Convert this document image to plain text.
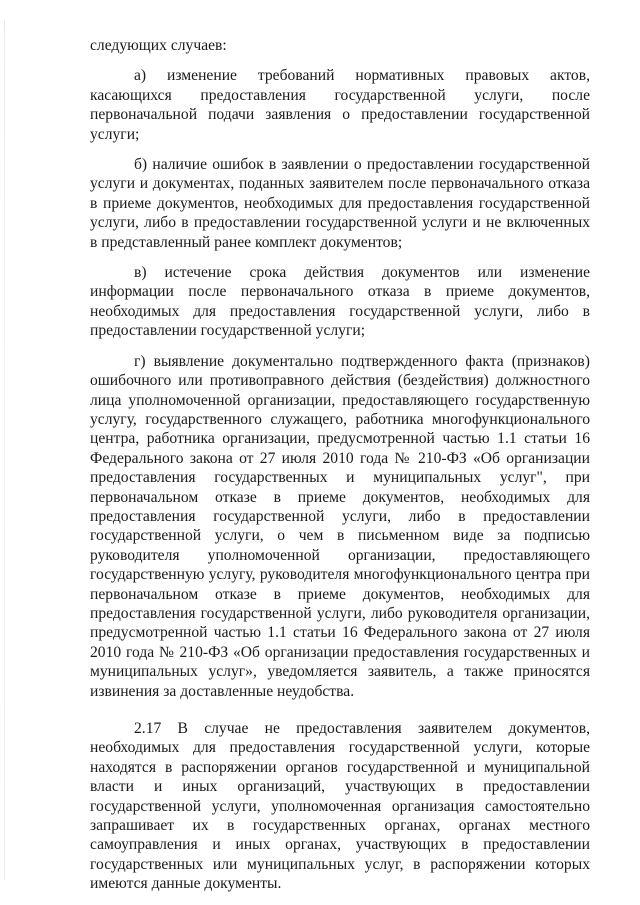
следующих случаев:

а) изменение требований нормативных правовых актов, касающихся предоставления государственной услуги, после первоначальной подачи заявления о предоставлении государственной услуги;

б) наличие ошибок в заявлении о предоставлении государственной услуги и документах, поданных заявителем после первоначального отказа в приеме документов, необходимых для предоставления государственной услуги, либо в предоставлении государственной услуги и не включенных в представленный ранее комплект документов;

в) истечение срока действия документов или изменение информации после первоначального отказа в приеме документов, необходимых для предоставления государственной услуги, либо в предоставлении государственной услуги;

г) выявление документально подтвержденного факта (признаков) ошибочного или противоправного действия (бездействия) должностного лица уполномоченной организации, предоставляющего государственную услугу, государственного служащего, работника многофункционального центра, работника организации, предусмотренной частью 1.1 статьи 16 Федерального закона от 27 июля 2010 года № 210-ФЗ «Об организации предоставления государственных и муниципальных услуг", при первоначальном отказе в приеме документов, необходимых для предоставления государственной услуги, либо в предоставлении государственной услуги, о чем в письменном виде за подписью руководителя уполномоченной организации, предоставляющего государственную услугу, руководителя многофункционального центра при первоначальном отказе в приеме документов, необходимых для предоставления государственной услуги, либо руководителя организации, предусмотренной частью 1.1 статьи 16 Федерального закона от 27 июля 2010 года № 210-ФЗ «Об организации предоставления государственных и муниципальных услуг», уведомляется заявитель, а также приносятся извинения за доставленные неудобства.

2.17 В случае не предоставления заявителем документов, необходимых для предоставления государственной услуги, которые находятся в распоряжении органов государственной и муниципальной власти и иных организаций, участвующих в предоставлении государственной услуги, уполномоченная организация самостоятельно запрашивает их в государственных органах, органах местного самоуправления и иных органах, участвующих в предоставлении государственных или муниципальных услуг, в распоряжении которых имеются данные документы.
